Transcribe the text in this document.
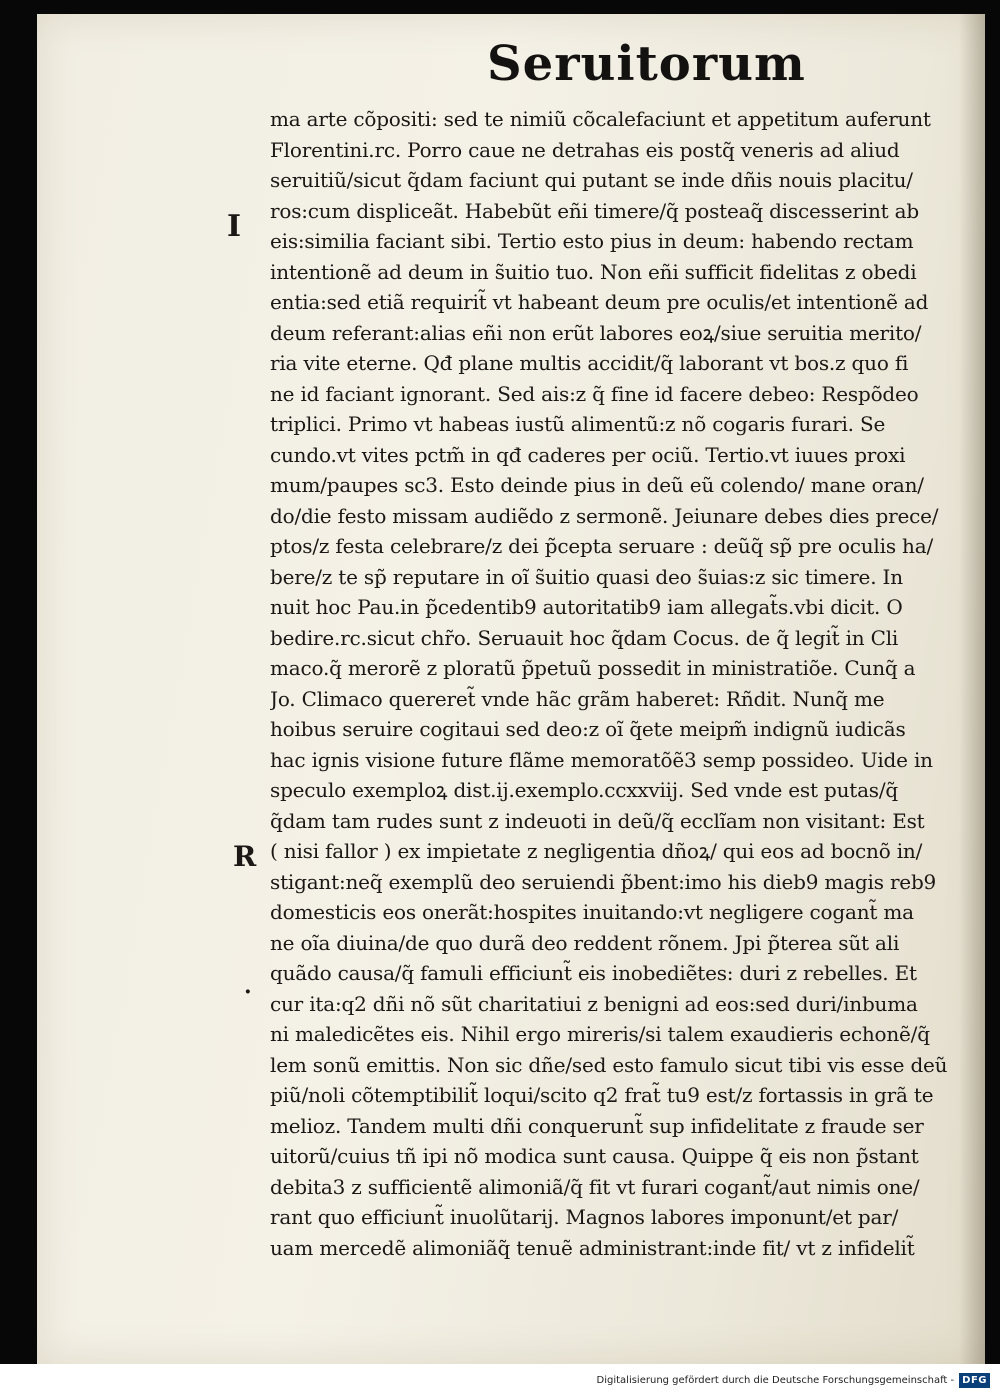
Seruitorum

I

R

·

ma arte cõpositi: sed te nimiũ cõcalefaciunt et appetitum auferunt
Florentini.rc. Porro caue ne detrahas eis postq̃ veneris ad aliud
seruitiũ/sicut q̃dam faciunt qui putant se inde dñis nouis placitu/
ros:cum displiceãt. Habebũt eñi timere/q̃ posteaq̃ discesserint ab
eis:similia faciant sibi. Tertio esto pius in deum: habendo rectam
intentionẽ ad deum in s̃uitio tuo. Non eñi sufficit fidelitas z obedi
entia:sed etiã requirit̃ vt habeant deum pre oculis/et intentionẽ ad
deum referant:alias eñi non erũt labores eoꝝ/siue seruitia merito/
ria vite eterne. Qđ plane multis accidit/q̃ laborant vt bos.z quo fi
ne id faciant ignorant. Sed ais:z q̃ fine id facere debeo: Respõdeo
triplici. Primo vt habeas iustũ alimentũ:z nõ cogaris furari. Se
cundo.vt vites pctm̃ in qđ caderes per ociũ. Tertio.vt iuues proxi
mum/paupes sc3. Esto deinde pius in deũ eũ colendo/ mane oran/
do/die festo missam audiẽdo z sermonẽ. Jeiunare debes dies prece/
ptos/z festa celebrare/z dei p̃cepta seruare : deũq̃ sp̃ pre oculis ha/
bere/z te sp̃ reputare in oĩ s̃uitio quasi deo s̃uias:z sic timere. In
nuit hoc Pau.in p̃cedentib9 autoritatib9 iam allegat̃s.vbi dicit. O
bedire.rc.sicut chr̃o. Seruauit hoc q̃dam Cocus. de q̃ legit̃ in Cli
maco.q̃ merorẽ z ploratũ p̃petuũ possedit in ministratiõe. Cunq̃ a
Jo. Climaco quereret̃ vnde hãc grãm haberet: Rñdit. Nunq̃ me
hoibus seruire cogitaui sed deo:z oĩ q̃ete meipm̃ indignũ iudicãs
hac ignis visione future flãme memoratõẽ3 semp possideo. Uide in
speculo exemploꝝ dist.ij.exemplo.ccxxviij. Sed vnde est putas/q̃
q̃dam tam rudes sunt z indeuoti in deũ/q̃ ecclĩam non visitant: Est
( nisi fallor ) ex impietate z negligentia dñoꝝ/ qui eos ad bocnõ in/
stigant:neq̃ exemplũ deo seruiendi p̃bent:imo his dieb9 magis reb9
domesticis eos onerãt:hospites inuitando:vt negligere cogant̃ ma
ne oĩa diuina/de quo durã deo reddent rõnem. Jpi p̃terea sũt ali
quãdo causa/q̃ famuli efficiunt̃ eis inobediẽtes: duri z rebelles. Et
cur ita:q2 dñi nõ sũt charitatiui z benigni ad eos:sed duri/inbuma
ni maledicẽtes eis. Nihil ergo mireris/si talem exaudieris echonẽ/q̃
lem sonũ emittis. Non sic dñe/sed esto famulo sicut tibi vis esse deũ
piũ/noli cõtemptibilit̃ loqui/scito q2 frat̃ tu9 est/z fortassis in grã te
melioz. Tandem multi dñi conquerunt̃ sup infidelitate z fraude ser
uitorũ/cuius tñ ipi nõ modica sunt causa. Quippe q̃ eis non p̃stant
debita3 z sufficientẽ alimoniã/q̃ fit vt furari cogant̃/aut nimis one/
rant quo efficiunt̃ inuolũtarij. Magnos labores imponunt/et par/
uam mercedẽ alimoniãq̃ tenuẽ administrant:inde fit/ vt z infidelit̃
Digitalisierung gefördert durch die Deutsche Forschungsgemeinschaft - DFG
